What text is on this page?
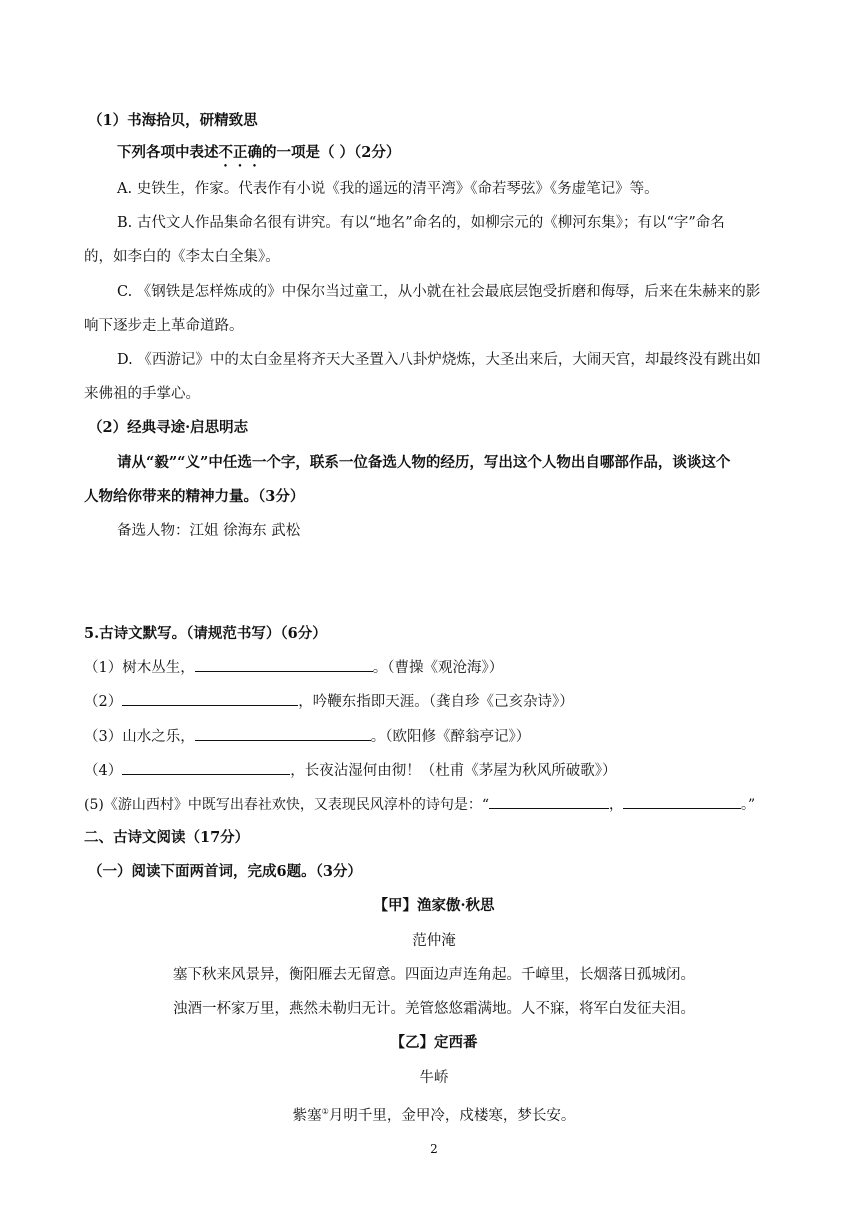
（1）书海拾贝，研精致思
下列各项中表述不正确的一项是（ ）（2分）
A. 史铁生，作家。代表作有小说《我的遥远的清平湾》《命若琴弦》《务虚笔记》等。
B. 古代文人作品集命名很有讲究。有以“地名”命名的，如柳宗元的《柳河东集》；有以“字”命名
的，如李白的《李太白全集》。
C. 《钢铁是怎样炼成的》中保尔当过童工，从小就在社会最底层饱受折磨和侮辱，后来在朱赫来的影
响下逐步走上革命道路。
D. 《西游记》中的太白金星将齐天大圣置入八卦炉烧炼，大圣出来后，大闹天宫，却最终没有跳出如
来佛祖的手掌心。
（2）经典寻途·启思明志
请从“毅”“义”中任选一个字，联系一位备选人物的经历，写出这个人物出自哪部作品，谈谈这个
人物给你带来的精神力量。（3分）
备选人物：江姐 徐海东 武松
5.古诗文默写。（请规范书写）（6分）
（1）树木丛生，	。（曹操《观沧海》）
（2）	，吟鞭东指即天涯。（龚自珍《己亥杂诗》）
（3）山水之乐，	。（欧阳修《醉翁亭记》）
（4）	，长夜沾湿何由彻！（杜甫《茅屋为秋风所破歌》）
(5)《游山西村》中既写出春社欢快，又表现民风淳朴的诗句是：“	，	。”
二、古诗文阅读（17分）
（一）阅读下面两首词，完成6题。（3分）
【甲】渔家傲·秋思
范仲淹
塞下秋来风景异，衡阳雁去无留意。四面边声连角起。千嶂里，长烟落日孤城闭。
浊酒一杯家万里，燕然未勒归无计。羌管悠悠霜满地。人不寐，将军白发征夫泪。
【乙】定西番
牛峤
紫塞①月明千里，金甲冷，戍楼寒，梦长安。
2
